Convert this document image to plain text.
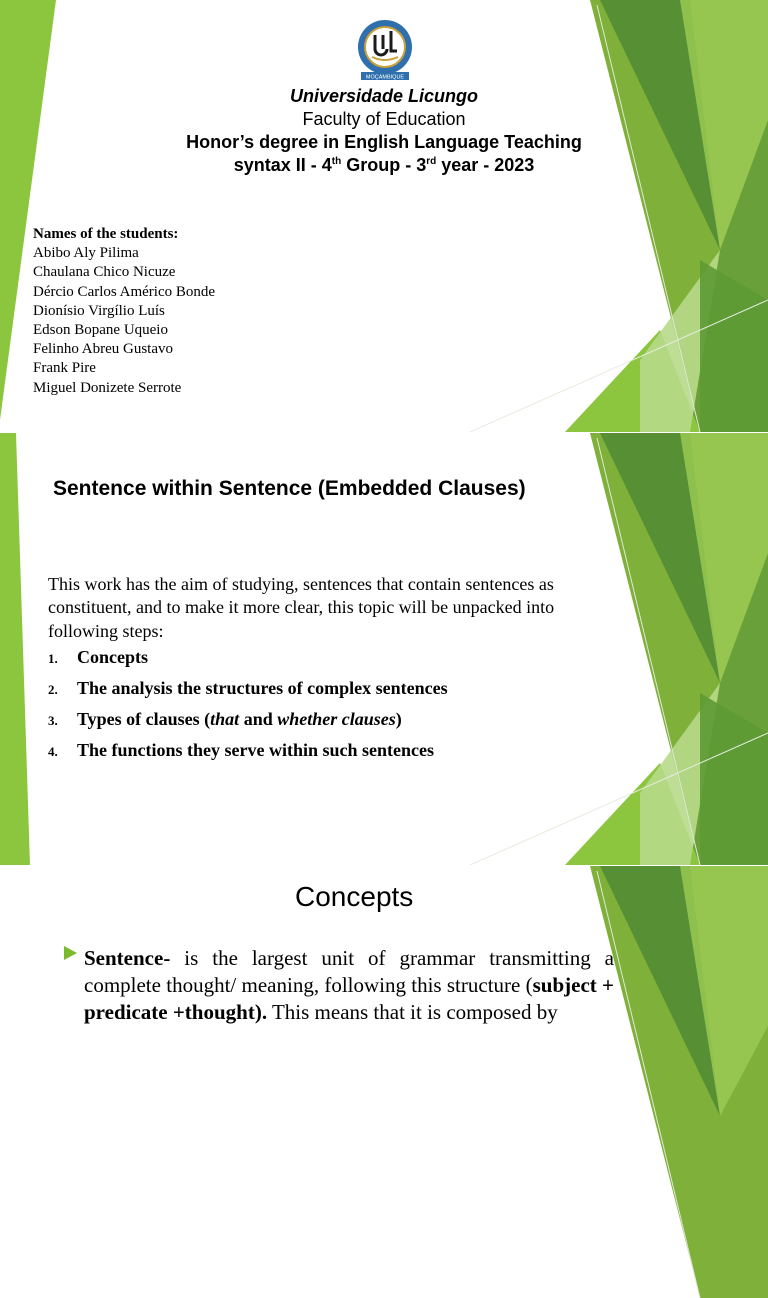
MOÇAMBIQUE
Universidade Licungo
Faculty of Education
Honor’s degree in English Language Teaching
syntax II - 4th Group - 3rd year - 2023
Names of the students:
Abibo Aly Pilima
Chaulana Chico Nicuze
Dércio Carlos Américo Bonde
Dionísio Virgílio Luís
Edson Bopane Uqueio
Felinho Abreu Gustavo
Frank Pire
Miguel Donizete Serrote
Sentence within Sentence (Embedded Clauses)
This work has the aim of studying, sentences that contain sentences as constituent, and to make it more clear, this topic will be unpacked into following steps:
1. Concepts
2. The analysis the structures of complex sentences
3. Types of clauses (that and whether clauses)
4. The functions they serve within such sentences
Concepts
Sentence- is the largest unit of grammar transmitting a complete thought/ meaning, following this structure (subject + predicate +thought). This means that it is composed by
